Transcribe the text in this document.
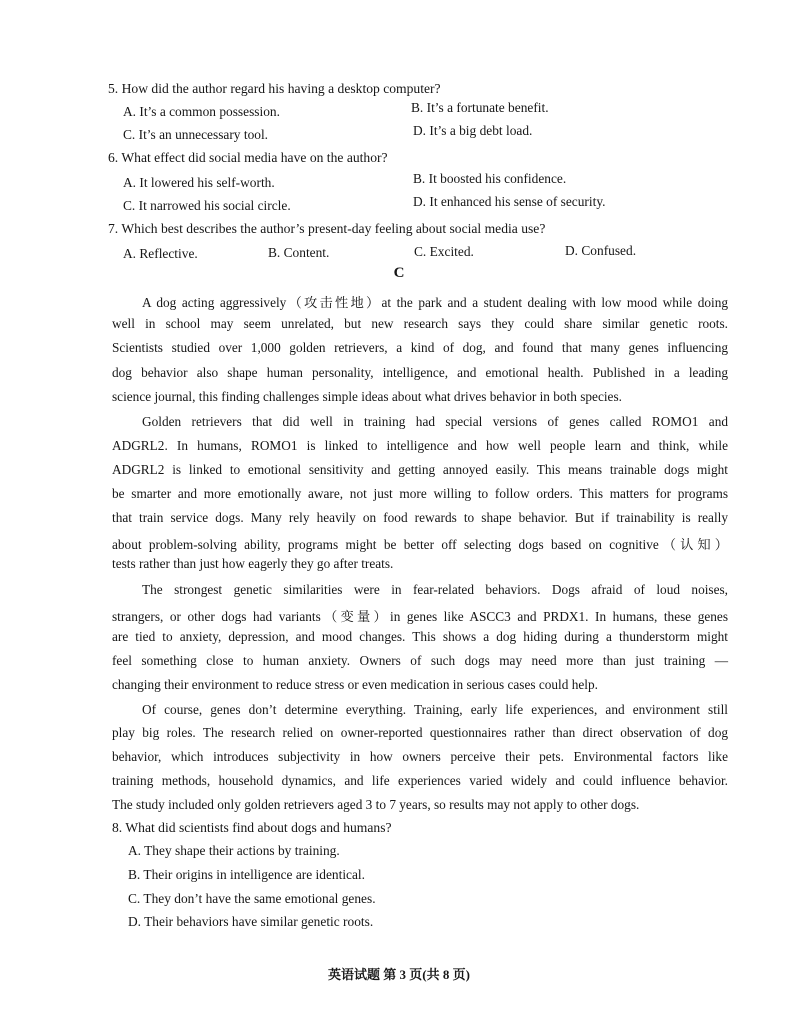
5. How did the author regard his having a desktop computer?
A. It’s a common possession.	B. It’s a fortunate benefit.
C. It’s an unnecessary tool.	D. It’s a big debt load.
6. What effect did social media have on the author?
A. It lowered his self-worth.	B. It boosted his confidence.
C. It narrowed his social circle.	D. It enhanced his sense of security.
7. Which best describes the author’s present-day feeling about social media use?
A. Reflective.	B. Content.	C. Excited.	D. Confused.
C
A dog acting aggressively（攻击性地）at the park and a student dealing with low mood while doing
well in school may seem unrelated, but new research says they could share similar genetic roots.
Scientists studied over 1,000 golden retrievers, a kind of dog, and found that many genes influencing
dog behavior also shape human personality, intelligence, and emotional health. Published in a leading
science journal, this finding challenges simple ideas about what drives behavior in both species.
Golden retrievers that did well in training had special versions of genes called ROMO1 and
ADGRL2. In humans, ROMO1 is linked to intelligence and how well people learn and think, while
ADGRL2 is linked to emotional sensitivity and getting annoyed easily. This means trainable dogs might
be smarter and more emotionally aware, not just more willing to follow orders. This matters for programs
that train service dogs. Many rely heavily on food rewards to shape behavior. But if trainability is really
about problem-solving ability, programs might be better off selecting dogs based on cognitive（认知）
tests rather than just how eagerly they go after treats.
The strongest genetic similarities were in fear-related behaviors. Dogs afraid of loud noises,
strangers, or other dogs had variants（变量）in genes like ASCC3 and PRDX1. In humans, these genes
are tied to anxiety, depression, and mood changes. This shows a dog hiding during a thunderstorm might
feel something close to human anxiety. Owners of such dogs may need more than just training —
changing their environment to reduce stress or even medication in serious cases could help.
Of course, genes don’t determine everything. Training, early life experiences, and environment still
play big roles. The research relied on owner-reported questionnaires rather than direct observation of dog
behavior, which introduces subjectivity in how owners perceive their pets. Environmental factors like
training methods, household dynamics, and life experiences varied widely and could influence behavior.
The study included only golden retrievers aged 3 to 7 years, so results may not apply to other dogs.
8. What did scientists find about dogs and humans?
A. They shape their actions by training.
B. Their origins in intelligence are identical.
C. They don’t have the same emotional genes.
D. Their behaviors have similar genetic roots.
英语试题 第 3 页(共 8 页)
